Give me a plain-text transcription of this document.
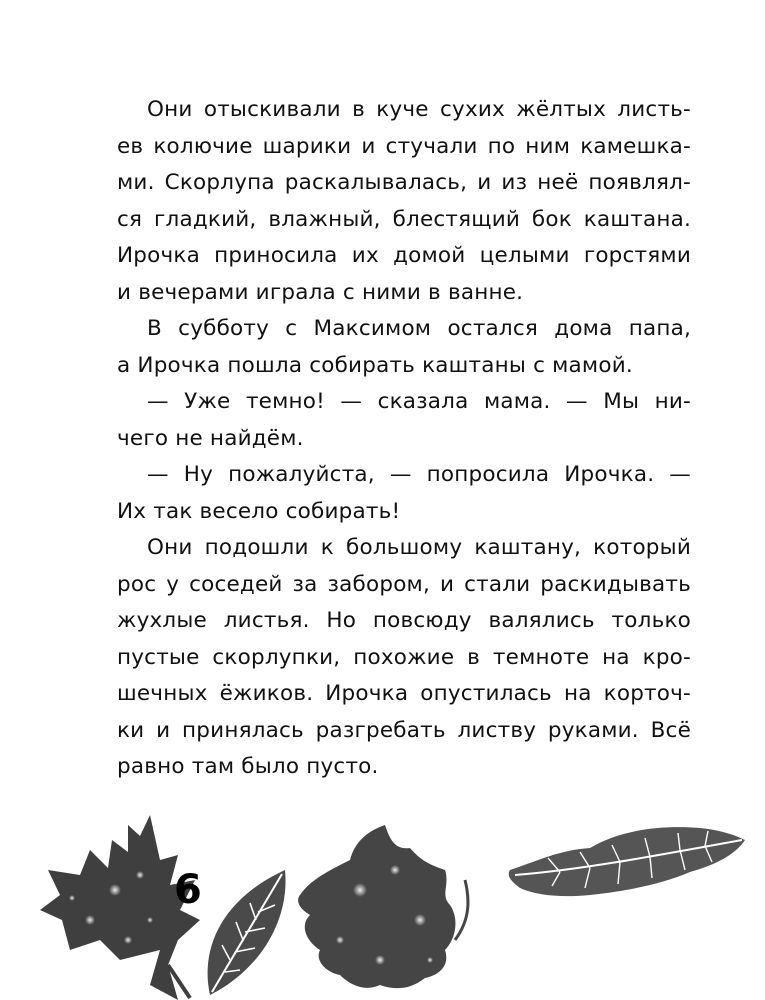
Они отыскивали в куче сухих жёлтых листь-
ев колючие шарики и стучали по ним камешка-
ми. Скорлупа раскалывалась, и из неё появлял-
ся гладкий, влажный, блестящий бок каштана.
Ирочка приносила их домой целыми горстями
и вечерами играла с ними в ванне.

В субботу с Максимом остался дома папа,
а Ирочка пошла собирать каштаны с мамой.

— Уже темно! — сказала мама. — Мы ни-
чего не найдём.

— Ну пожалуйста, — попросила Ирочка. —
Их так весело собирать!

Они подошли к большому каштану, который
рос у соседей за забором, и стали раскидывать
жухлые листья. Но повсюду валялись только
пустые скорлупки, похожие в темноте на кро-
шечных ёжиков. Ирочка опустилась на корточ-
ки и принялась разгребать листву руками. Всё
равно там было пусто.

6
